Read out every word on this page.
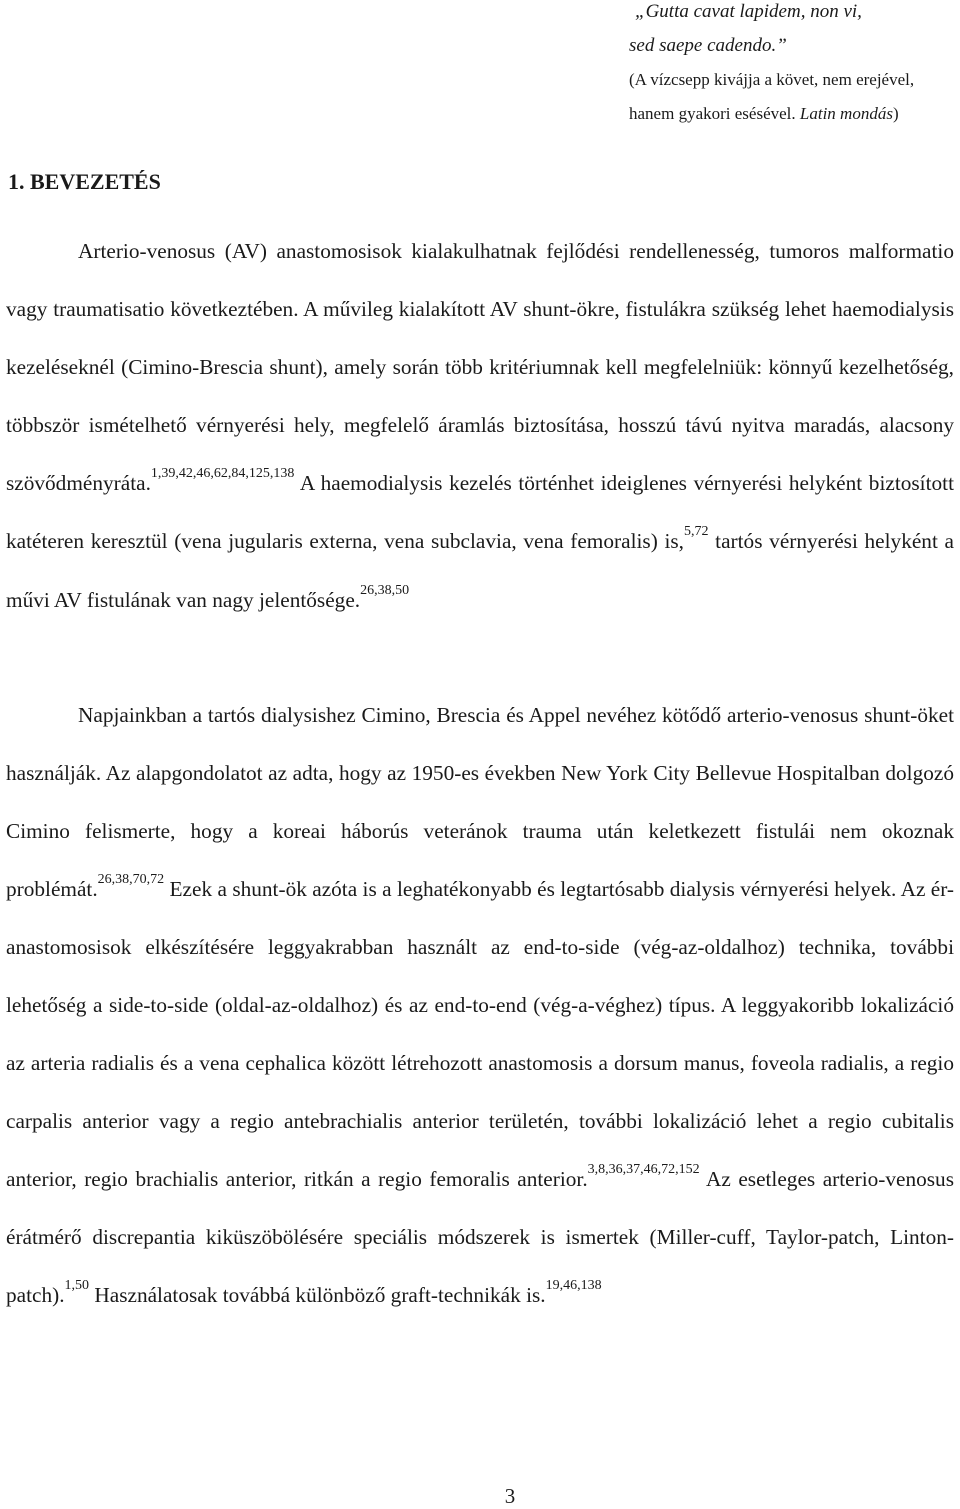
„Gutta cavat lapidem, non vi,
sed saepe cadendo.”
(A vízcsepp kivájja a követ, nem erejével,
hanem gyakori esésével. Latin mondás)
1. BEVEZETÉS

Arterio-venosus (AV) anastomosisok kialakulhatnak fejlődési rendellenesség, tumoros malformatio vagy traumatisatio következtében. A művileg kialakított AV shunt-ökre, fistulákra szükség lehet haemodialysis kezeléseknél (Cimino-Brescia shunt), amely során több kritériumnak kell megfelelniük: könnyű kezelhetőség, többször ismételhető vérnyerési hely, megfelelő áramlás biztosítása, hosszú távú nyitva maradás, alacsony szövődményráta.$^{1,39,42,46,62,84,125,138}$ A haemodialysis kezelés történhet ideiglenes vérnyerési helyként biztosított katéteren keresztül (vena jugularis externa, vena subclavia, vena femoralis) is,$^{5,72}$ tartós vérnyerési helyként a művi AV fistulának van nagy jelentősége.$^{26,38,50}$

Napjainkban a tartós dialysishez Cimino, Brescia és Appel nevéhez kötődő arterio-venosus shunt-öket használják. Az alapgondolatot az adta, hogy az 1950-es években New York City Bellevue Hospitalban dolgozó Cimino felismerte, hogy a koreai háborús veteránok trauma után keletkezett fistulái nem okoznak problémát.$^{26,38,70,72}$ Ezek a shunt-ök azóta is a leghatékonyabb és legtartósabb dialysis vérnyerési helyek. Az ér-anastomosisok elkészítésére leggyakrabban használt az end-to-side (vég-az-oldalhoz) technika, további lehetőség a side-to-side (oldal-az-oldalhoz) és az end-to-end (vég-a-véghez) típus. A leggyakoribb lokalizáció az arteria radialis és a vena cephalica között létrehozott anastomosis a dorsum manus, foveola radialis, a regio carpalis anterior vagy a regio antebrachialis anterior területén, további lokalizáció lehet a regio cubitalis anterior, regio brachialis anterior, ritkán a regio femoralis anterior.$^{3,8,36,37,46,72,152}$ Az esetleges arterio-venosus érátmérő discrepantia kiküszöbölésére speciális módszerek is ismertek (Miller-cuff, Taylor-patch, Linton-patch).$^{1,50}$ Használatosak továbbá különböző graft-technikák is.$^{19,46,138}$

3
